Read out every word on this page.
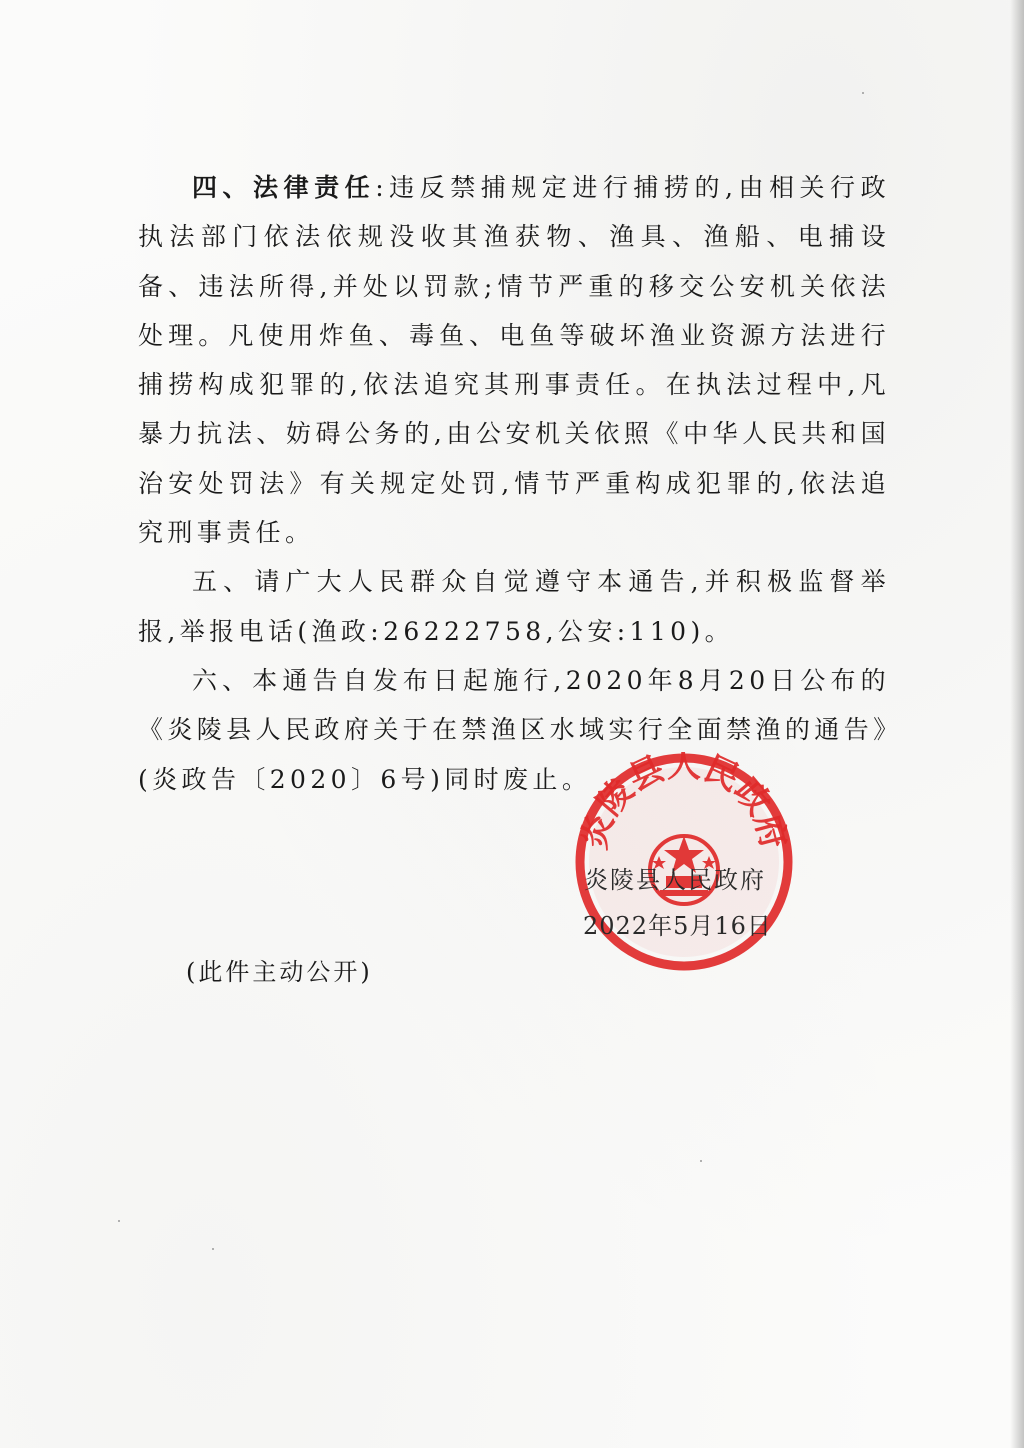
四、法律责任:违反禁捕规定进行捕捞的,由相关行政执法部门依法依规没收其渔获物、渔具、渔船、电捕设备、违法所得,并处以罚款;情节严重的移交公安机关依法处理。凡使用炸鱼、毒鱼、电鱼等破坏渔业资源方法进行捕捞构成犯罪的,依法追究其刑事责任。在执法过程中,凡暴力抗法、妨碍公务的,由公安机关依照《中华人民共和国治安处罚法》有关规定处罚,情节严重构成犯罪的,依法追究刑事责任。

五、请广大人民群众自觉遵守本通告,并积极监督举报,举报电话(渔政:26222758,公安:110)。

六、本通告自发布日起施行,2020年8月20日公布的《炎陵县人民政府关于在禁渔区水域实行全面禁渔的通告》(炎政告〔2020〕6号)同时废止。

炎陵县人民政府
炎陵县人民政府
2022年5月16日
(此件主动公开)
